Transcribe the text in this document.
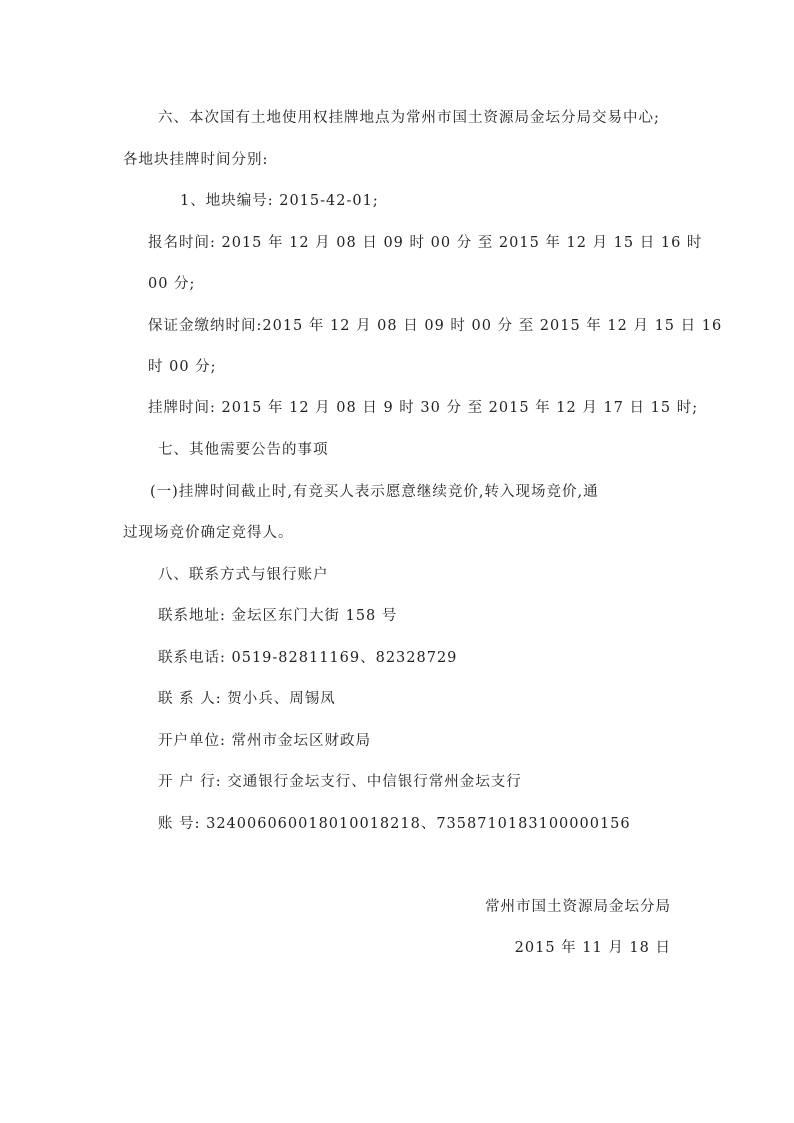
六、本次国有土地使用权挂牌地点为常州市国土资源局金坛分局交易中心;
各地块挂牌时间分别:
1、地块编号: 2015-42-01;
报名时间: 2015 年 12 月 08 日 09 时 00 分 至 2015 年 12 月 15 日 16 时
00 分;
保证金缴纳时间:2015 年 12 月 08 日 09 时 00 分 至 2015 年 12 月 15 日 16
时 00 分;
挂牌时间: 2015 年 12 月 08 日 9 时 30 分 至 2015 年 12 月 17 日 15 时;
七、其他需要公告的事项
(一)挂牌时间截止时,有竞买人表示愿意继续竞价,转入现场竞价,通
过现场竞价确定竞得人。
八、联系方式与银行账户
联系地址: 金坛区东门大街 158 号
联系电话: 0519-82811169、82328729
联 系 人: 贺小兵、周锡凤
开户单位: 常州市金坛区财政局
开 户 行: 交通银行金坛支行、中信银行常州金坛支行
账 号: 324006060018010018218、7358710183100000156
常州市国土资源局金坛分局
2015 年 11 月 18 日
